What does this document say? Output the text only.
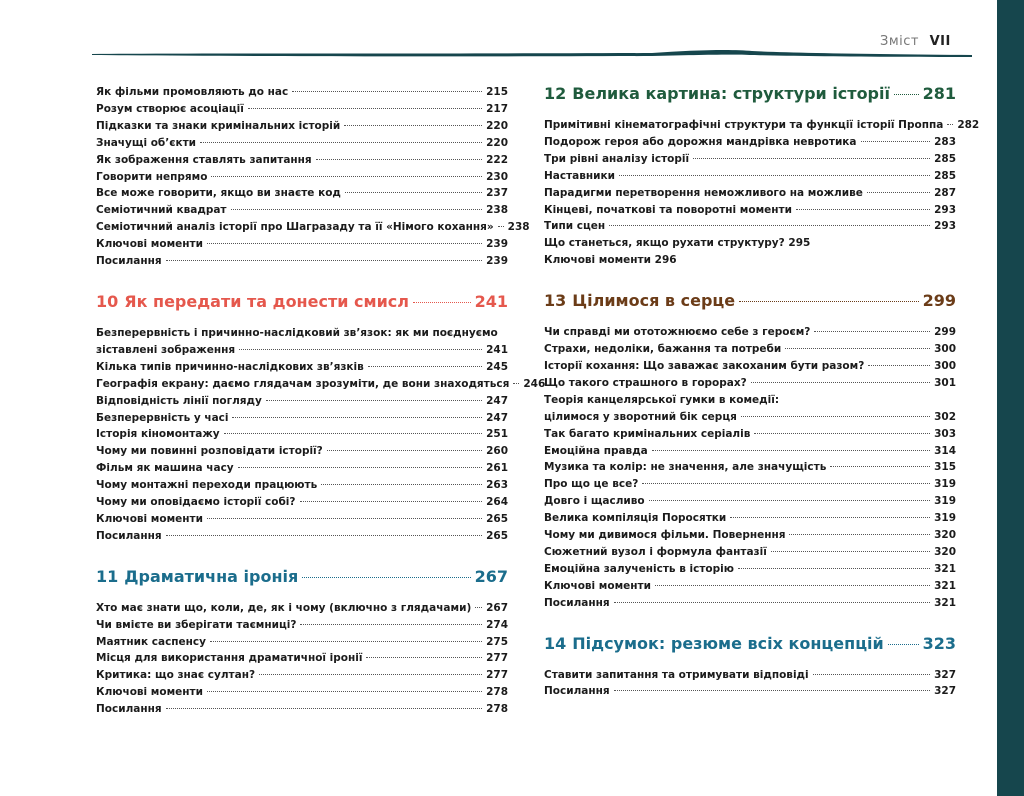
Зміст VII
Як фільми промовляють до нас	215
Розум створює асоціації	217
Підказки та знаки кримінальних історій	220
Значущі об’єкти	220
Як зображення ставлять запитання	222
Говорити непрямо	230
Все може говорити, якщо ви знаєте код	237
Семіотичний квадрат	238
Семіотичний аналіз історії про Шагразаду та її «Німого кохання» 238
Ключові моменти	239
Посилання	239
10 Як передати та донести смисл	241
Безперервність і причинно-наслідковий зв’язок: як ми поєднуємо
зіставлені зображення	241
Кілька типів причинно-наслідкових зв’язків	245
Географія екрану: даємо глядачам зрозуміти, де вони знаходяться 246
Відповідність лінії погляду	247
Безперервність у часі	247
Історія кіномонтажу	251
Чому ми повинні розповідати історії?	260
Фільм як машина часу	261
Чому монтажні переходи працюють	263
Чому ми оповідаємо історії собі?	264
Ключові моменти	265
Посилання	265
11 Драматична іронія	267
Хто має знати що, коли, де, як і чому (включно з глядачами) 267
Чи вмієте ви зберігати таємниці?	274
Маятник саспенсу	275
Місця для використання драматичної іронії	277
Критика: що знає султан?	277
Ключові моменти	278
Посилання	278
12 Велика картина: структури історії 281
Примітивні кінематографічні структури та функції історії Проппа 282
Подорож героя або дорожня мандрівка невротика	283
Три рівні аналізу історії	285
Наставники	285
Парадигми перетворення неможливого на можливе	287
Кінцеві, початкові та поворотні моменти	293
Типи сцен	293
Що станеться, якщо рухати структуру? 295
Ключові моменти 296
13 Цілимося в серце	299
Чи справді ми ототожнюємо себе з героєм?	299
Страхи, недоліки, бажання та потреби	300
Історії кохання: Що заважає закоханим бути разом?	300
Що такого страшного в горорах?	301
Теорія канцелярської гумки в комедії:
цілимося у зворотний бік серця	302
Так багато кримінальних серіалів	303
Емоційна правда	314
Музика та колір: не значення, але значущість	315
Про що це все?	319
Довго і щасливо	319
Велика компіляція Поросятки	319
Чому ми дивимося фільми. Повернення	320
Сюжетний вузол і формула фантазії	320
Емоційна залученість в історію	321
Ключові моменти	321
Посилання	321
14 Підсумок: резюме всіх концепцій 323
Ставити запитання та отримувати відповіді	327
Посилання	327
